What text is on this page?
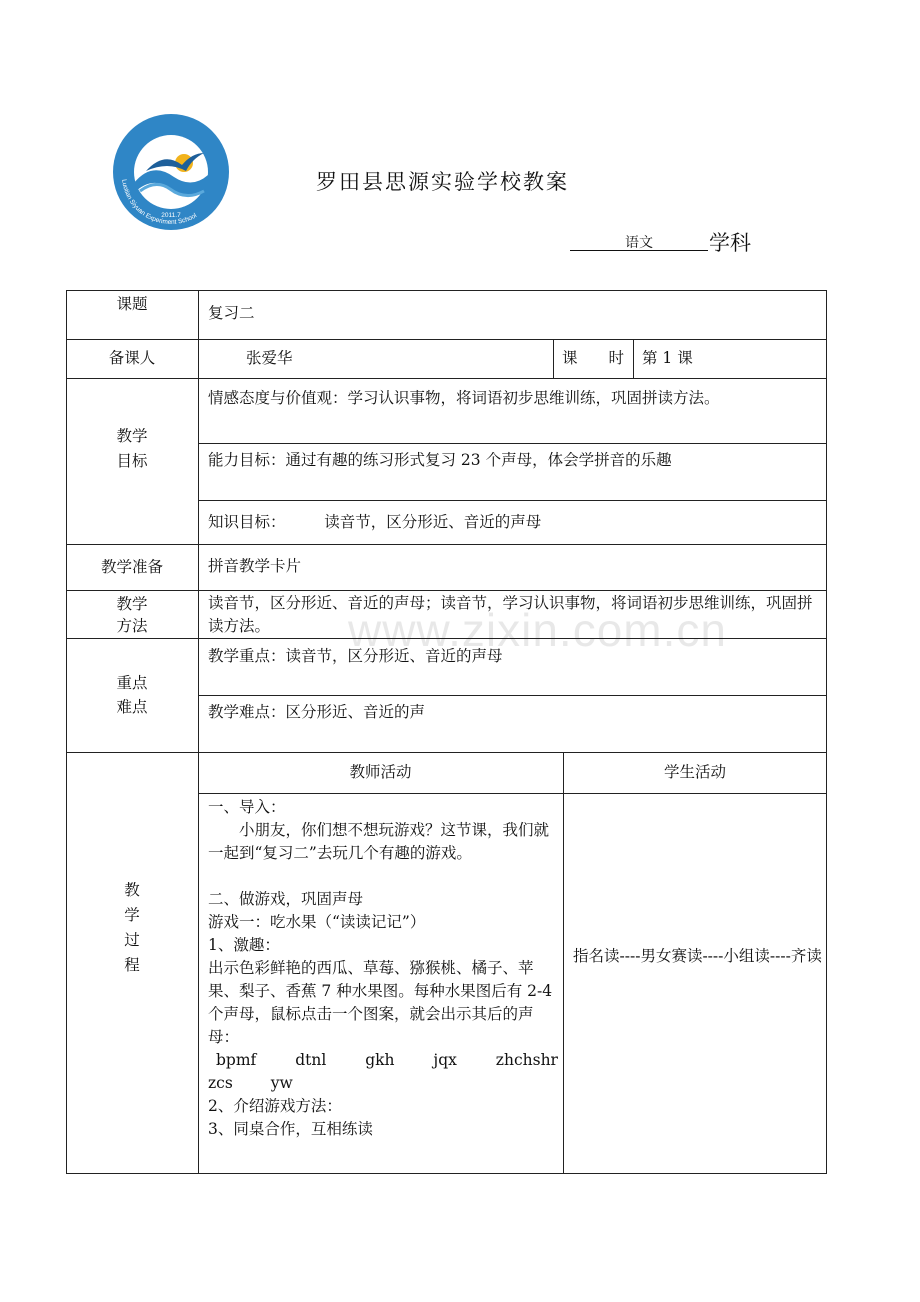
Luotian Siyuan Experiment School
2011.7
罗田县思源实验学校教案
语文	学科
www.zixin.com.cn
课题	复习二
备课人	张爱华	课　　时 第 1 课
教学
目标
情感态度与价值观：学习认识事物，将词语初步思维训练，巩固拼读方法。
能力目标：通过有趣的练习形式复习 23 个声母，体会学拼音的乐趣
知识目标：　　　读音节，区分形近、音近的声母
教学准备	拼音教学卡片
教学
方法
读音节，区分形近、音近的声母；读音节，学习认识事物，将词语初步思维训练，巩固拼读方法。
重点
难点
教学重点：读音节，区分形近、音近的声母
教学难点：区分形近、音近的声
教
学
过
程
教师活动	学生活动
一、导入：
小朋友，你们想不想玩游戏？这节课，我们就一起到“复习二”去玩几个有趣的游戏。
二、做游戏，巩固声母
游戏一：吃水果（“读读记记”）
1、激趣：
出示色彩鲜艳的西瓜、草莓、猕猴桃、橘子、苹果、梨子、香蕉 7 种水果图。每种水果图后有 2-4 个声母，鼠标点击一个图案，就会出示其后的声母：
bpmf	dtnl	gkh	jqx	zhchshr
zcs yw
2、介绍游戏方法：
3、同桌合作，互相练读
指名读----男女赛读----小组读----齐读
